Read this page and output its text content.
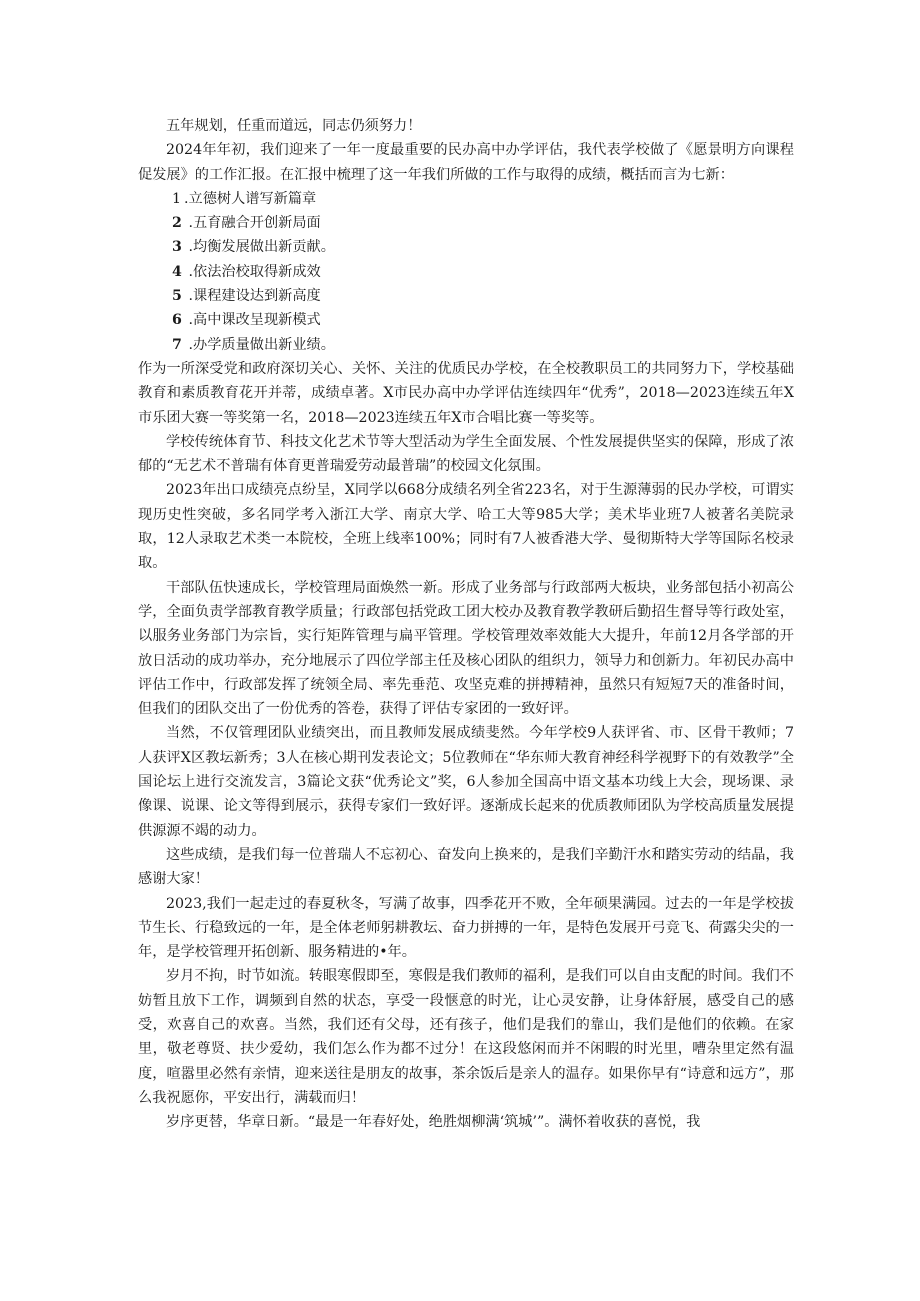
五年规划，任重而道远，同志仍须努力！

2024年年初，我们迎来了一年一度最重要的民办高中办学评估，我代表学校做了《愿景明方向课程促发展》的工作汇报。在汇报中梳理了这一年我们所做的工作与取得的成绩，概括而言为七新：

1 .立德树人谱写新篇章
2 .五育融合开创新局面
3 .均衡发展做出新贡献。
4 .依法治校取得新成效
5 .课程建设达到新高度
6 .高中课改呈现新模式
7 .办学质量做出新业绩。

作为一所深受党和政府深切关心、关怀、关注的优质民办学校，在全校教职员工的共同努力下，学校基础教育和素质教育花开并蒂，成绩卓著。X市民办高中办学评估连续四年“优秀”，2018—2023连续五年X市乐团大赛一等奖第一名，2018—2023连续五年X市合唱比赛一等奖等。

学校传统体育节、科技文化艺术节等大型活动为学生全面发展、个性发展提供坚实的保障，形成了浓郁的“无艺术不普瑞有体育更普瑞爱劳动最普瑞”的校园文化氛围。

2023年出口成绩亮点纷呈，X同学以668分成绩名列全省223名，对于生源薄弱的民办学校，可谓实现历史性突破，多名同学考入浙江大学、南京大学、哈工大等985大学；美术毕业班7人被著名美院录取，12人录取艺术类一本院校，全班上线率100%；同时有7人被香港大学、曼彻斯特大学等国际名校录取。

干部队伍快速成长，学校管理局面焕然一新。形成了业务部与行政部两大板块，业务部包括小初高公学，全面负责学部教育教学质量；行政部包括党政工团大校办及教育教学教研后勤招生督导等行政处室，以服务业务部门为宗旨，实行矩阵管理与扁平管理。学校管理效率效能大大提升，年前12月各学部的开放日活动的成功举办，充分地展示了四位学部主任及核心团队的组织力，领导力和创新力。年初民办高中评估工作中，行政部发挥了统领全局、率先垂范、攻坚克难的拼搏精神，虽然只有短短7天的准备时间，但我们的团队交出了一份优秀的答卷，获得了评估专家团的一致好评。

当然，不仅管理团队业绩突出，而且教师发展成绩斐然。今年学校9人获评省、市、区骨干教师；7人获评X区教坛新秀；3人在核心期刊发表论文；5位教师在“华东师大教育神经科学视野下的有效教学”全国论坛上进行交流发言，3篇论文获“优秀论文”奖，6人参加全国高中语文基本功线上大会，现场课、录像课、说课、论文等得到展示，获得专家们一致好评。逐渐成长起来的优质教师团队为学校高质量发展提供源源不竭的动力。

这些成绩，是我们每一位普瑞人不忘初心、奋发向上换来的，是我们辛勤汗水和踏实劳动的结晶，我感谢大家！

2023,我们一起走过的春夏秋冬，写满了故事，四季花开不败，全年硕果满园。过去的一年是学校拔节生长、行稳致远的一年，是全体老师躬耕教坛、奋力拼搏的一年，是特色发展开弓竞飞、荷露尖尖的一年，是学校管理开拓创新、服务精进的•年。

岁月不拘，时节如流。转眼寒假即至，寒假是我们教师的福利，是我们可以自由支配的时间。我们不妨暂且放下工作，调频到自然的状态，享受一段惬意的时光，让心灵安静，让身体舒展，感受自己的感受，欢喜自己的欢喜。当然，我们还有父母，还有孩子，他们是我们的靠山，我们是他们的依赖。在家里，敬老尊贤、扶少爱幼，我们怎么作为都不过分！在这段悠闲而并不闲暇的时光里，嘈杂里定然有温度，喧嚣里必然有亲情，迎来送往是朋友的故事，茶余饭后是亲人的温存。如果你早有“诗意和远方”，那么我祝愿你，平安出行，满载而归！

岁序更替，华章日新。“最是一年春好处，绝胜烟柳满‘筑城’”。满怀着收获的喜悦，我
